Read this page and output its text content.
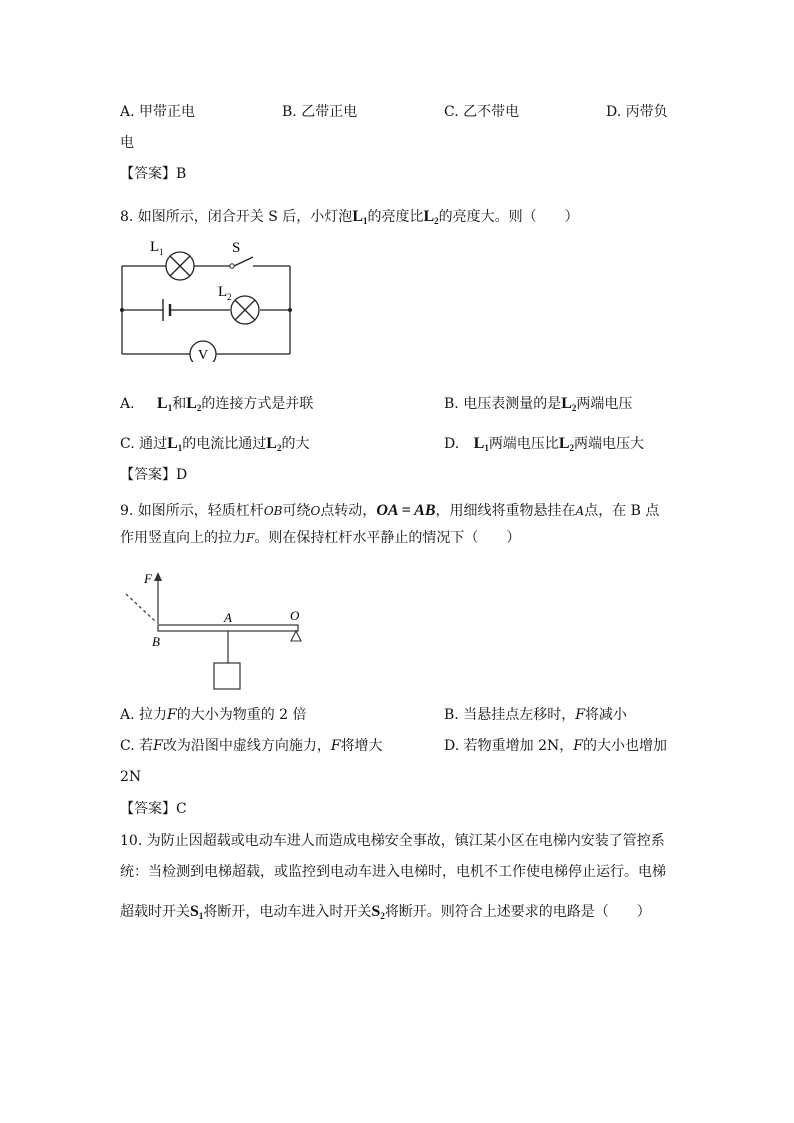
A. 甲带正电	B. 乙带正电	C. 乙不带电	D. 丙带负
电
【答案】B
8. 如图所示，闭合开关 S 后，小灯泡$L_1$的亮度比$L_2$的亮度大。则（　　）
$L_1$	S
$L_2$
V
A. $L_1$和$L_2$的连接方式是并联	B. 电压表测量的是$L_2$两端电压
C. 通过$L_1$的电流比通过$L_2$的大	D. $L_1$两端电压比$L_2$两端电压大
【答案】D
9. 如图所示，轻质杠杆OB可绕O点转动，OA = AB，用细线将重物悬挂在A点，在 B 点
作用竖直向上的拉力F。则在保持杠杆水平静止的情况下（　　）
F
A	O
B
A. 拉力F的大小为物重的 2 倍	B. 当悬挂点左移时，F将减小
C. 若F改为沿图中虚线方向施力，F将增大	D. 若物重增加 2N，F的大小也增加
2N
【答案】C
10. 为防止因超载或电动车进人而造成电梯安全事故，镇江某小区在电梯内安装了管控系
统：当检测到电梯超载，或监控到电动车进入电梯时，电机不工作使电梯停止运行。电梯
超载时开关$S_1$将断开，电动车进入时开关$S_2$将断开。则符合上述要求的电路是（　　）
